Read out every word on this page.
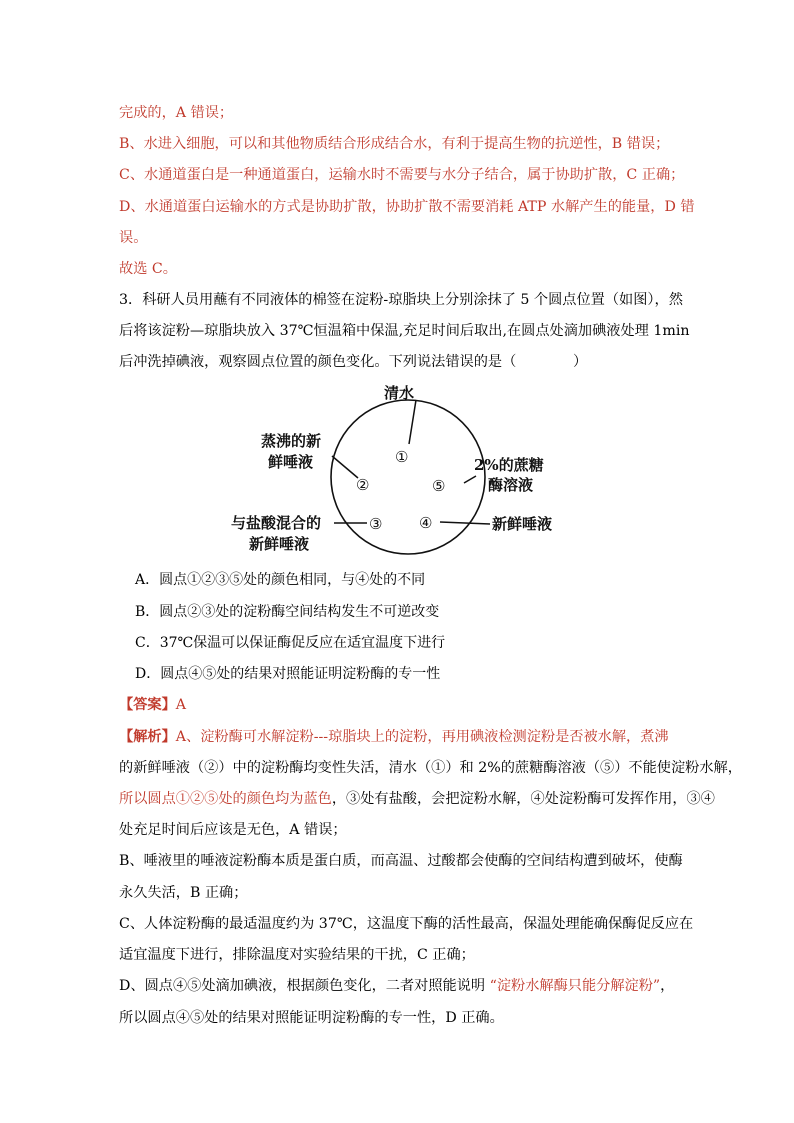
完成的，A 错误；
B、水进入细胞，可以和其他物质结合形成结合水，有利于提高生物的抗逆性，B 错误；
C、水通道蛋白是一种通道蛋白，运输水时不需要与水分子结合，属于协助扩散，C 正确；
D、水通道蛋白运输水的方式是协助扩散，协助扩散不需要消耗 ATP 水解产生的能量，D 错
误。
故选 C。
3．科研人员用蘸有不同液体的棉签在淀粉-琼脂块上分别涂抹了 5 个圆点位置（如图），然
后将该淀粉—琼脂块放入 37℃恒温箱中保温,充足时间后取出,在圆点处滴加碘液处理 1min
后冲洗掉碘液，观察圆点位置的颜色变化。下列说法错误的是（　　　　）
①
②
③ ④
⑤
清水
蒸沸的新
鲜唾液
与盐酸混合的
新鲜唾液
2%的蔗糖
酶溶液
新鲜唾液
A．圆点①②③⑤处的颜色相同，与④处的不同
B．圆点②③处的淀粉酶空间结构发生不可逆改变
C．37℃保温可以保证酶促反应在适宜温度下进行
D．圆点④⑤处的结果对照能证明淀粉酶的专一性
【答案】A
【解析】A、淀粉酶可水解淀粉---琼脂块上的淀粉，再用碘液检测淀粉是否被水解，煮沸
的新鲜唾液（②）中的淀粉酶均变性失活，清水（①）和 2%的蔗糖酶溶液（⑤）不能使淀粉水解，
所以圆点①②⑤处的颜色均为蓝色，③处有盐酸，会把淀粉水解，④处淀粉酶可发挥作用，③④
处充足时间后应该是无色，A 错误；
B、唾液里的唾液淀粉酶本质是蛋白质，而高温、过酸都会使酶的空间结构遭到破坏，使酶
永久失活，B 正确；
C、人体淀粉酶的最适温度约为 37℃，这温度下酶的活性最高，保温处理能确保酶促反应在
适宜温度下进行，排除温度对实验结果的干扰，C 正确；
D、圆点④⑤处滴加碘液，根据颜色变化，二者对照能说明 “淀粉水解酶只能分解淀粉”，
所以圆点④⑤处的结果对照能证明淀粉酶的专一性，D 正确。
